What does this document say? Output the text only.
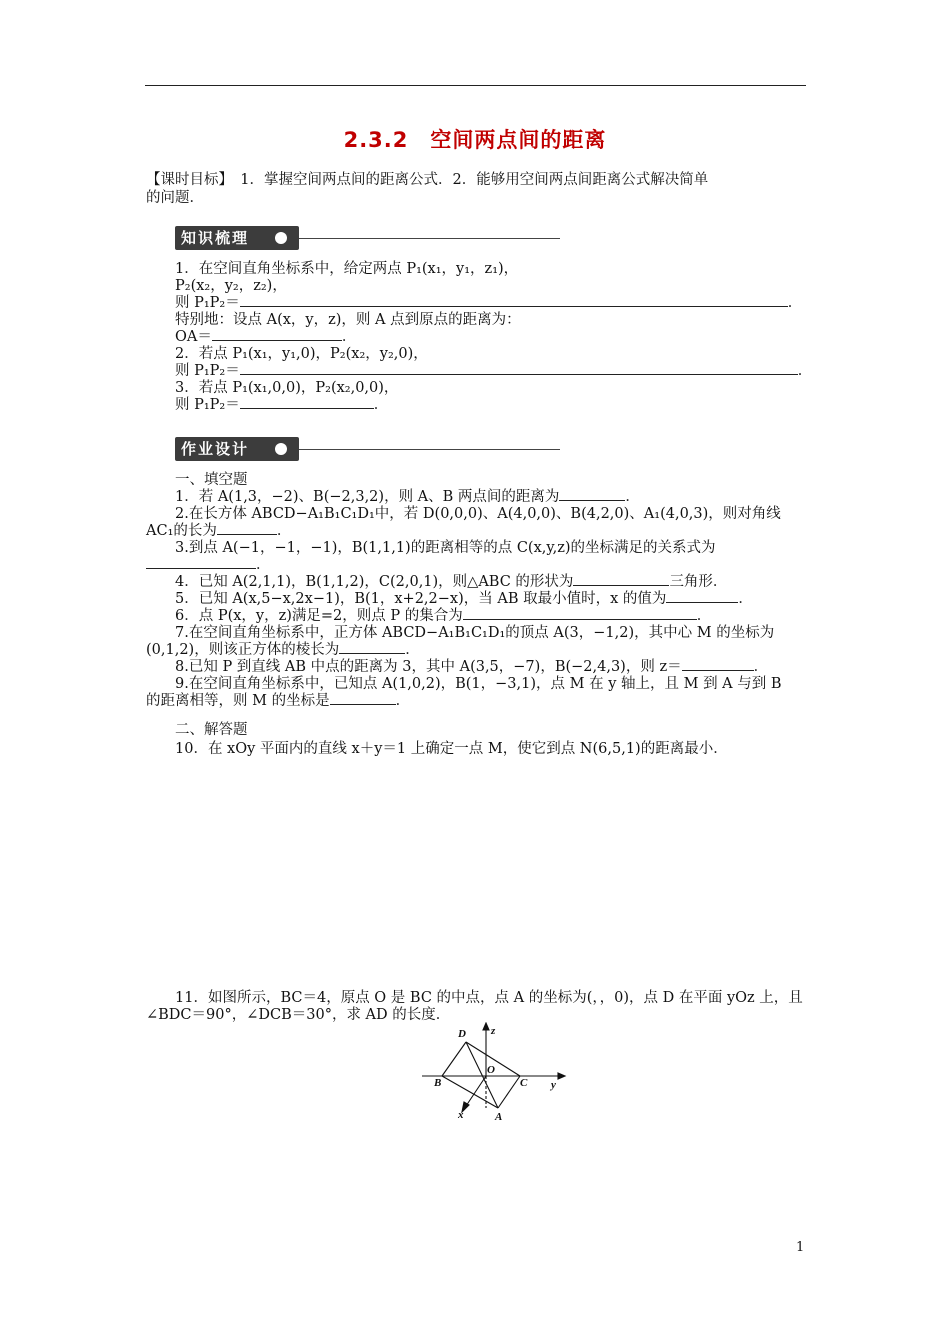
2.3.2　空间两点间的距离
【课时目标】　1．掌握空间两点间的距离公式．2．能够用空间两点间距离公式解决简单
的问题．
知识梳理
1．在空间直角坐标系中，给定两点 P₁(x₁，y₁，z₁)，
P₂(x₂，y₂，z₂)，
则 P₁P₂＝	．
特别地：设点 A(x，y，z)，则 A 点到原点的距离为：
OA＝	．
2．若点 P₁(x₁，y₁,0)，P₂(x₂，y₂,0)，
则 P₁P₂＝	．
3．若点 P₁(x₁,0,0)，P₂(x₂,0,0)，
则 P₁P₂＝	．
作业设计
一、填空题
1．若 A(1,3，−2)、B(−2,3,2)，则 A、B 两点间的距离为	．
2.在长方体 ABCD−A₁B₁C₁D₁中，若 D(0,0,0)、A(4,0,0)、B(4,2,0)、A₁(4,0,3)，则对角线
AC₁的长为	．
3.到点 A(−1，−1，−1)，B(1,1,1)的距离相等的点 C(x,y,z)的坐标满足的关系式为
．
4．已知 A(2,1,1)，B(1,1,2)，C(2,0,1)，则△ABC 的形状为	三角形．
5．已知 A(x,5−x,2x−1)，B(1，x+2,2−x)，当 AB 取最小值时，x 的值为	．
6．点 P(x，y，z)满足=2，则点 P 的集合为	．
7.在空间直角坐标系中，正方体 ABCD−A₁B₁C₁D₁的顶点 A(3，−1,2)，其中心 M 的坐标为
(0,1,2)，则该正方体的棱长为	．
8.已知 P 到直线 AB 中点的距离为 3，其中 A(3,5，−7)，B(−2,4,3)，则 z＝	．
9.在空间直角坐标系中，已知点 A(1,0,2)，B(1，−3,1)，点 M 在 y 轴上，且 M 到 A 与到 B
的距离相等，则 M 的坐标是	．
二、解答题
10．在 xOy 平面内的直线 x＋y＝1 上确定一点 M，使它到点 N(6,5,1)的距离最小．
11．如图所示，BC＝4，原点 O 是 BC 的中点，点 A 的坐标为(，，0)，点 D 在平面 yOz 上，且
∠BDC＝90°，∠DCB＝30°，求 AD 的长度．
D z
B
O
C y
x	A
1
